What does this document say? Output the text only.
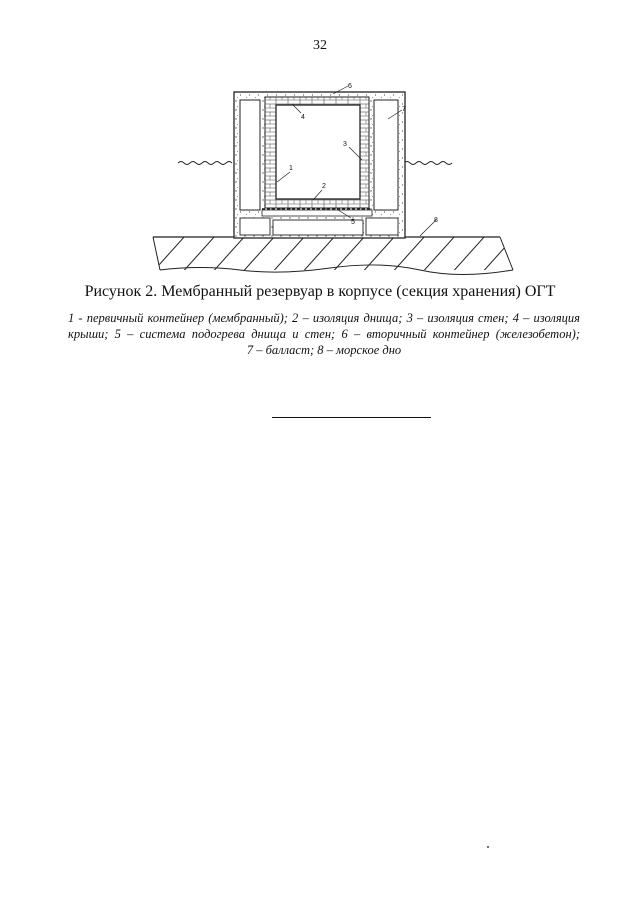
32
1
2
3
4
5
6
7
8
Рисунок 2. Мембранный резервуар в корпусе (секция хранения) ОГТ
1 - первичный контейнер (мембранный); 2 – изоляция днища; 3 – изоляция стен; 4 – изоляция
крыши; 5 – система подогрева днища и стен; 6 – вторичный контейнер (железобетон);
7 – балласт; 8 – морское дно
